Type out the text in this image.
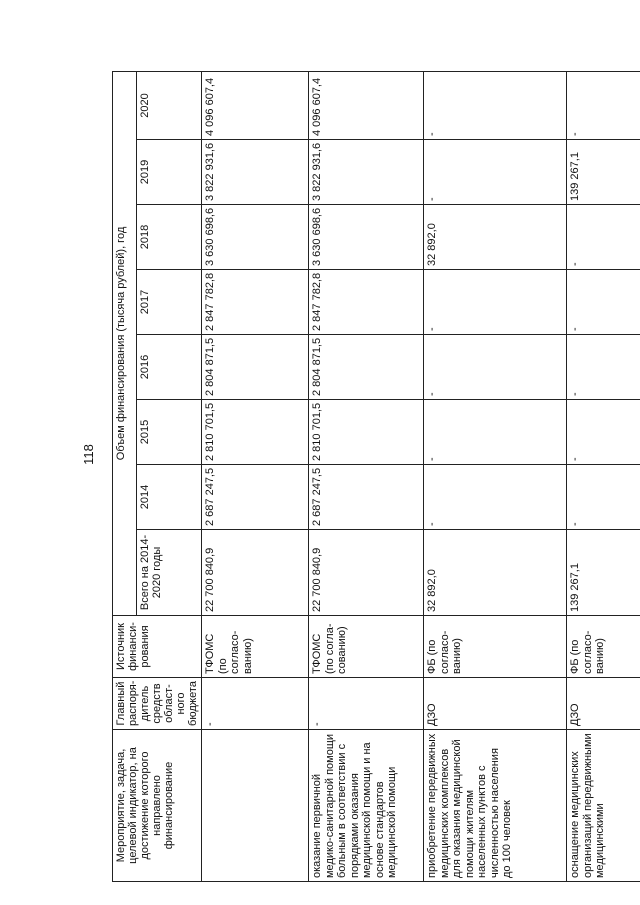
118
Мероприятие, задача, целевой индикатор, на достижение которого направлено финансирование	Главный распоря-дитель средств област-ного бюджета	Источник финанси-рования	Объем финансирования (тысяча рублей), год							
			Всего на 2014-2020 годы	2014	2015	2016	2017	2018	2019	2020
	-	ТФОМС (по согласо-ванию)	22 700 840,9	2 687 247,5	2 810 701,5	2 804 871,5	2 847 782,8	3 630 698,6	3 822 931,6	4 096 607,4
оказание первичной медико-санитарной помощи больным в соответствии с порядками оказания медицинской помощи и на основе стандартов медицинской помощи	-	ТФОМС (по согла-сованию)	22 700 840,9	2 687 247,5	2 810 701,5	2 804 871,5	2 847 782,8	3 630 698,6	3 822 931,6	4 096 607,4
приобретение передвижных медицинских комплексов для оказания медицинской помощи жителям населенных пунктов с численностью населения до 100 человек	ДЗО	ФБ (по согласо-ванию)	32 892,0	-	-	-	-	32 892,0	-	-
оснащение медицинских организаций передвижными медицинскими	ДЗО	ФБ (по согласо-ванию)	139 267,1	-	-	-	-	-	139 267,1	-
